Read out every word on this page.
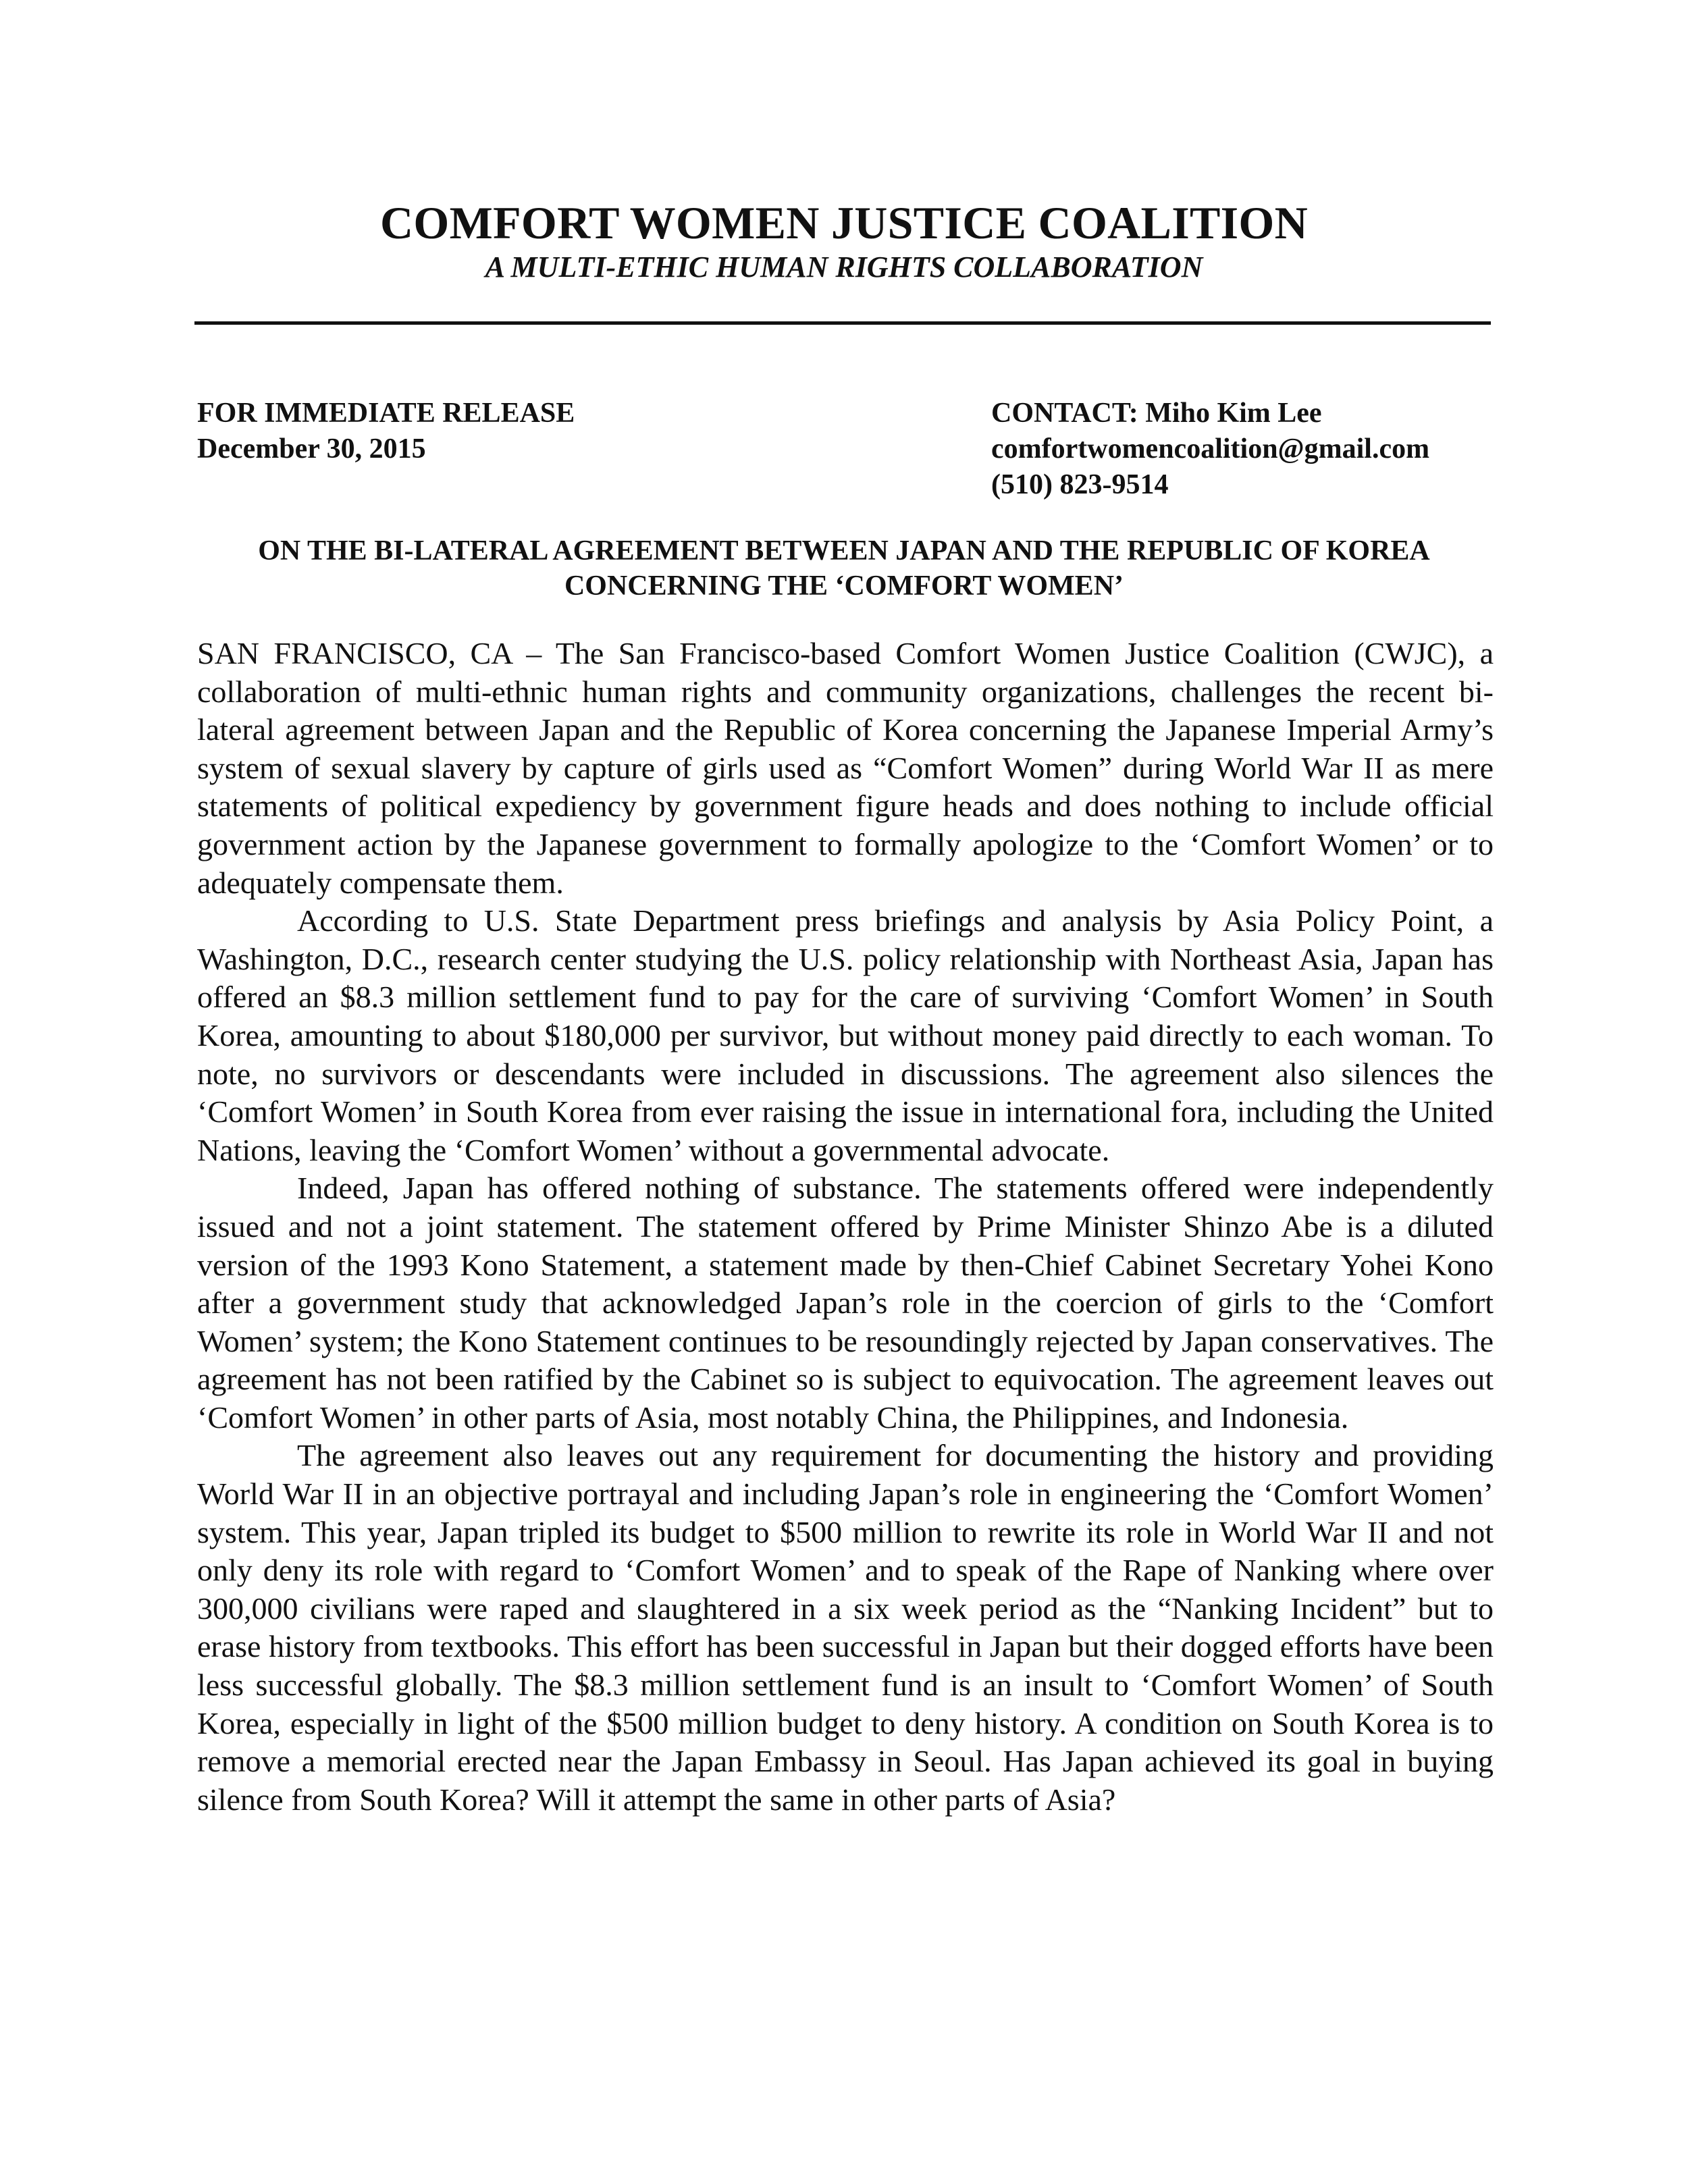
COMFORT WOMEN JUSTICE COALITION
A MULTI-ETHIC HUMAN RIGHTS COLLABORATION
FOR IMMEDIATE RELEASE
December 30, 2015
CONTACT: Miho Kim Lee
comfortwomencoalition@gmail.com
(510) 823-9514
ON THE BI-LATERAL AGREEMENT BETWEEN JAPAN AND THE REPUBLIC OF KOREA
CONCERNING THE ‘COMFORT WOMEN’

SAN FRANCISCO, CA – The San Francisco-based Comfort Women Justice Coalition (CWJC), a collaboration of multi-ethnic human rights and community organizations, challenges the recent bi-lateral agreement between Japan and the Republic of Korea concerning the Japanese Imperial Army’s system of sexual slavery by capture of girls used as “Comfort Women” during World War II as mere statements of political expediency by government figure heads and does nothing to include official government action by the Japanese government to formally apologize to the ‘Comfort Women’ or to adequately compensate them.

According to U.S. State Department press briefings and analysis by Asia Policy Point, a Washington, D.C., research center studying the U.S. policy relationship with Northeast Asia, Japan has offered an $8.3 million settlement fund to pay for the care of surviving ‘Comfort Women’ in South Korea, amounting to about $180,000 per survivor, but without money paid directly to each woman. To note, no survivors or descendants were included in discussions. The agreement also silences the ‘Comfort Women’ in South Korea from ever raising the issue in international fora, including the United Nations, leaving the ‘Comfort Women’ without a governmental advocate.

Indeed, Japan has offered nothing of substance. The statements offered were independently issued and not a joint statement. The statement offered by Prime Minister Shinzo Abe is a diluted version of the 1993 Kono Statement, a statement made by then-Chief Cabinet Secretary Yohei Kono after a government study that acknowledged Japan’s role in the coercion of girls to the ‘Comfort Women’ system; the Kono Statement continues to be resoundingly rejected by Japan conservatives. The agreement has not been ratified by the Cabinet so is subject to equivocation. The agreement leaves out ‘Comfort Women’ in other parts of Asia, most notably China, the Philippines, and Indonesia.

The agreement also leaves out any requirement for documenting the history and providing World War II in an objective portrayal and including Japan’s role in engineering the ‘Comfort Women’ system. This year, Japan tripled its budget to $500 million to rewrite its role in World War II and not only deny its role with regard to ‘Comfort Women’ and to speak of the Rape of Nanking where over 300,000 civilians were raped and slaughtered in a six week period as the “Nanking Incident” but to erase history from textbooks. This effort has been successful in Japan but their dogged efforts have been less successful globally. The $8.3 million settlement fund is an insult to ‘Comfort Women’ of South Korea, especially in light of the $500 million budget to deny history. A condition on South Korea is to remove a memorial erected near the Japan Embassy in Seoul. Has Japan achieved its goal in buying silence from South Korea? Will it attempt the same in other parts of Asia?
